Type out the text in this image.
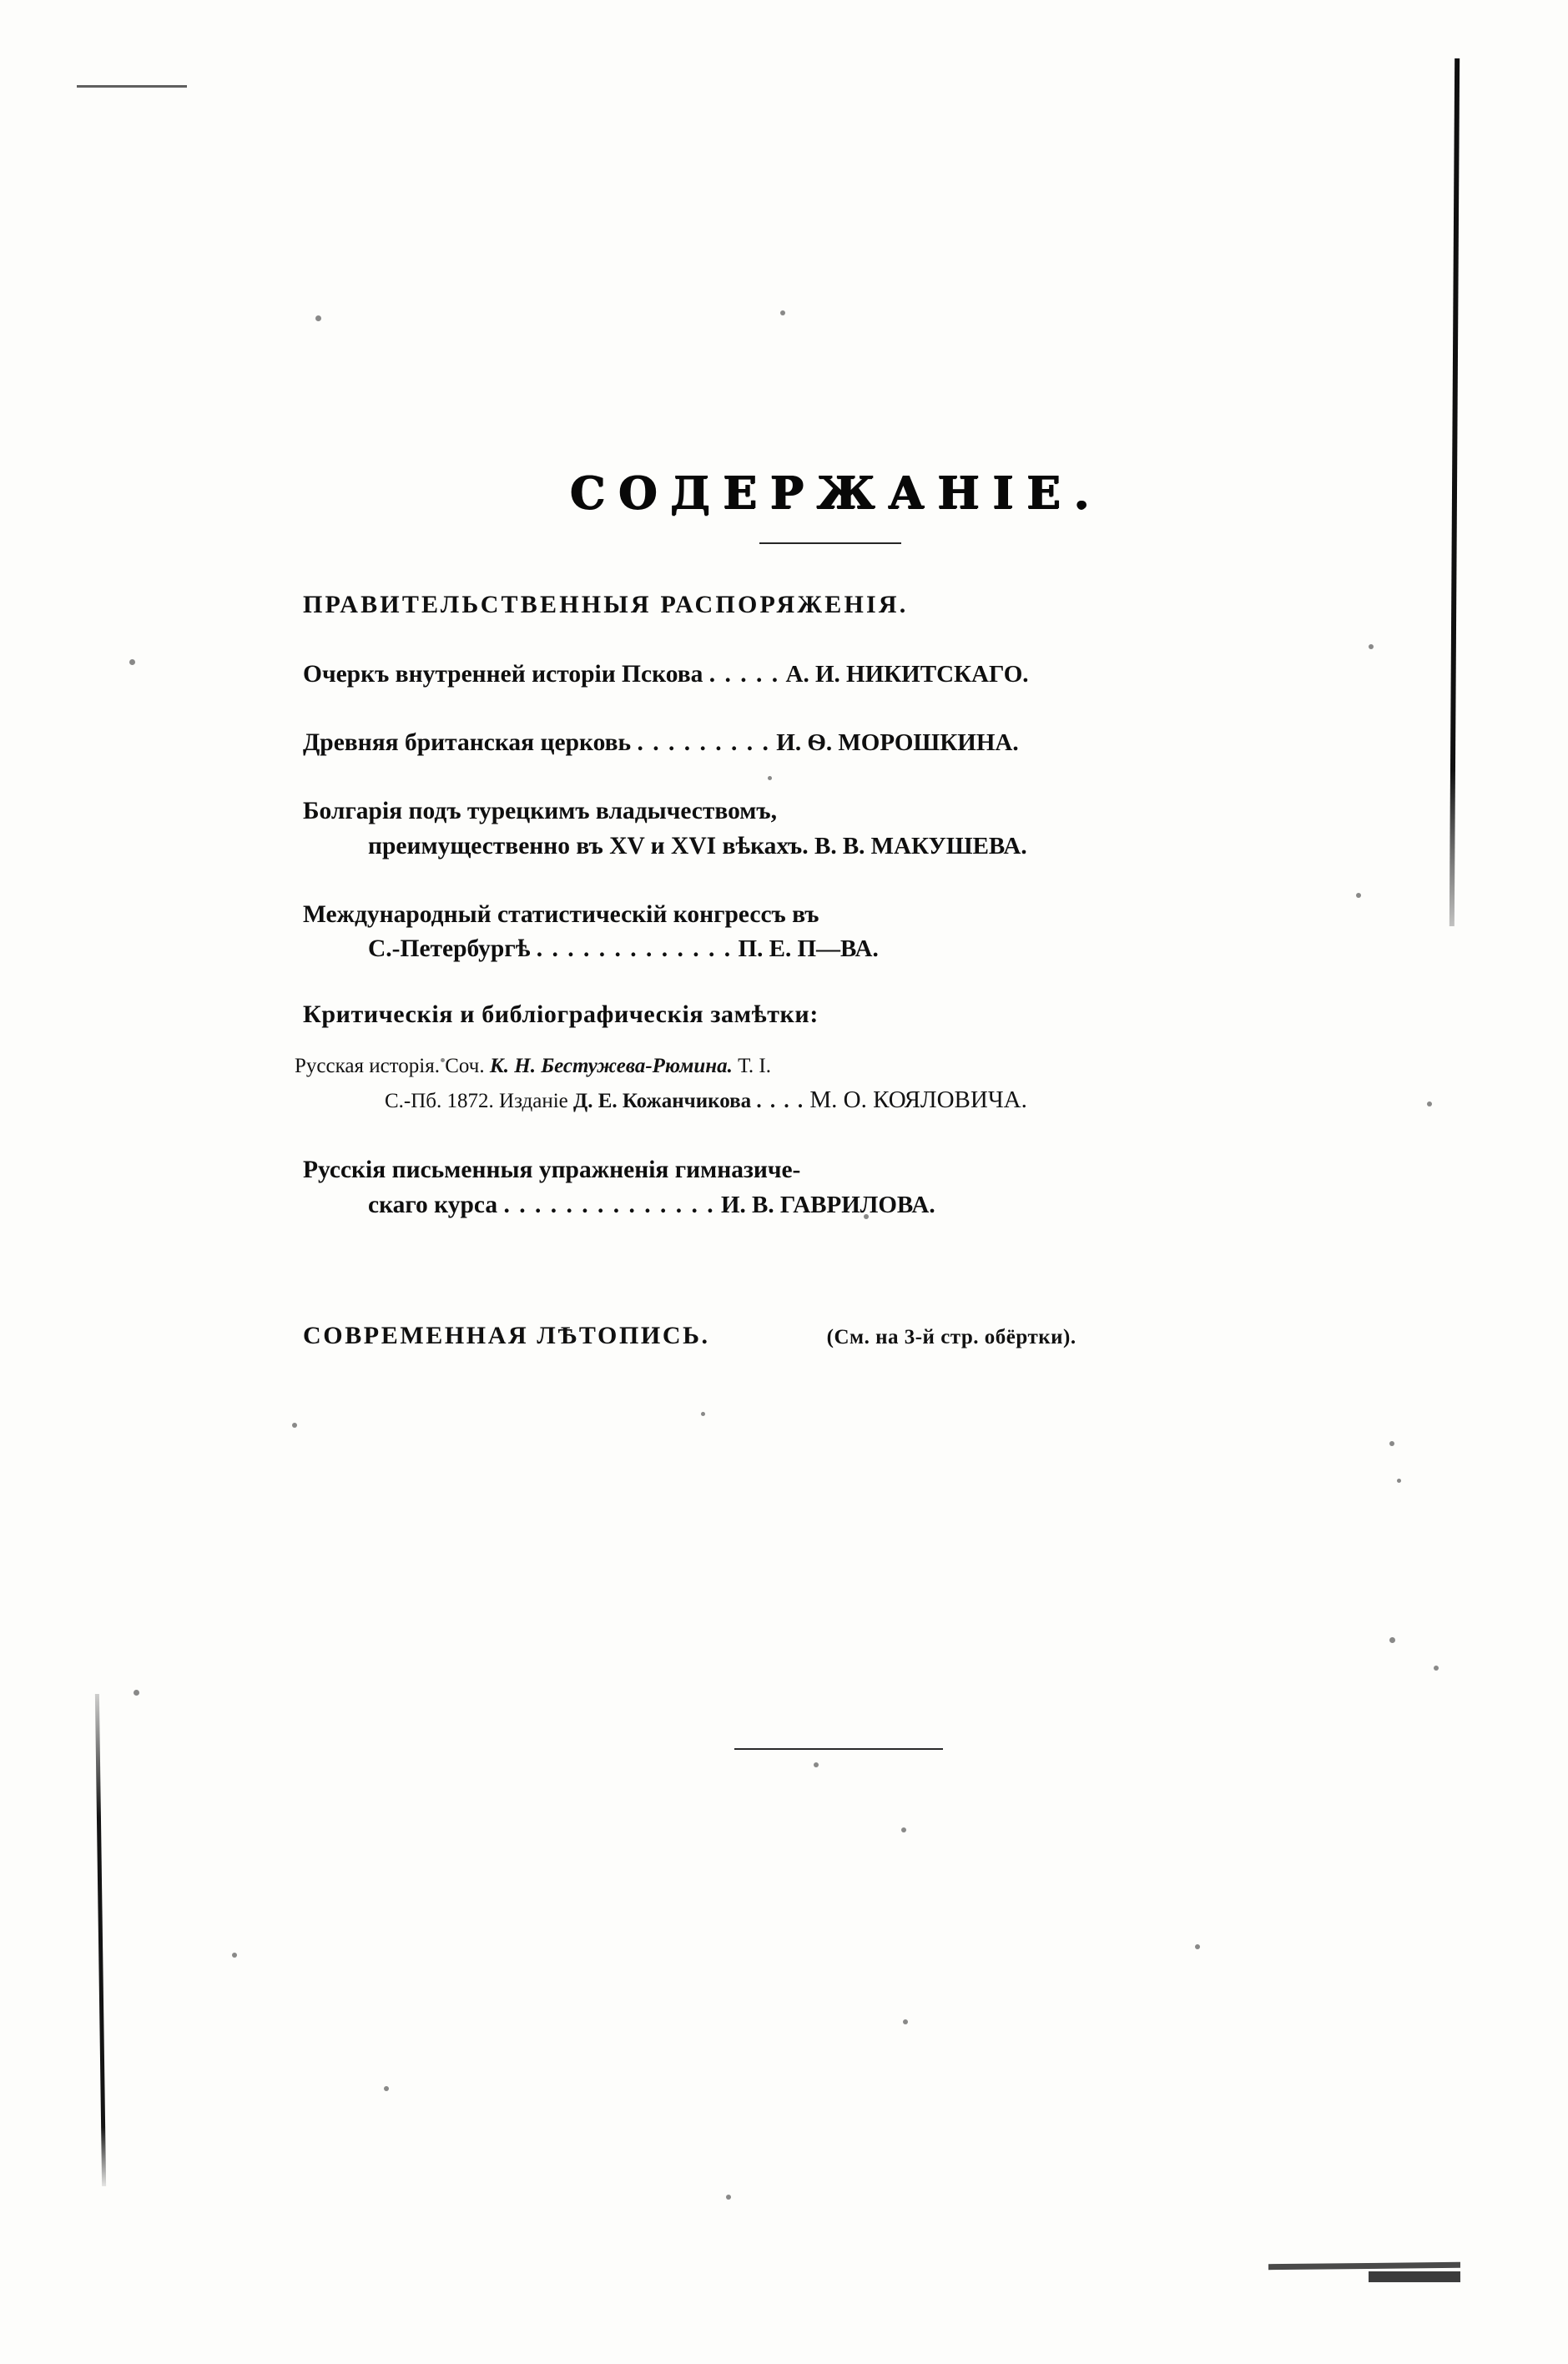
СОДЕРЖАНІЕ.
ПРАВИТЕЛЬСТВЕННЫЯ РАСПОРЯЖЕНІЯ.
Очеркъ внутренней исторіи Пскова . . . . . А. И. НИКИТСКАГО.
Древняя британская церковь . . . . . . . . . И. Ѳ. МОРОШКИНА.
Болгарія подъ турецкимъ владычествомъ,
преимущественно въ XV и XVI вѣкахъ. В. В. МАКУШЕВА.
Международный статистическій конгрессъ въ
С.-Петербургѣ . . . . . . . . . . . . . П. Е. П—ВА.
Критическія и библіографическія замѣтки:
Русская исторія. Соч. К. Н. Бестужева-Рюмина. Т. I.
С.-Пб. 1872. Изданіе Д. Е. Кожанчикова . . . . М. О. КОЯЛОВИЧА.
Русскія письменныя упражненія гимназиче-
скаго курса . . . . . . . . . . . . . . И. В. ГАВРИЛОВА.
СОВРЕМЕННАЯ ЛѢТОПИСЬ.	(См. на 3-й стр. обёртки).
